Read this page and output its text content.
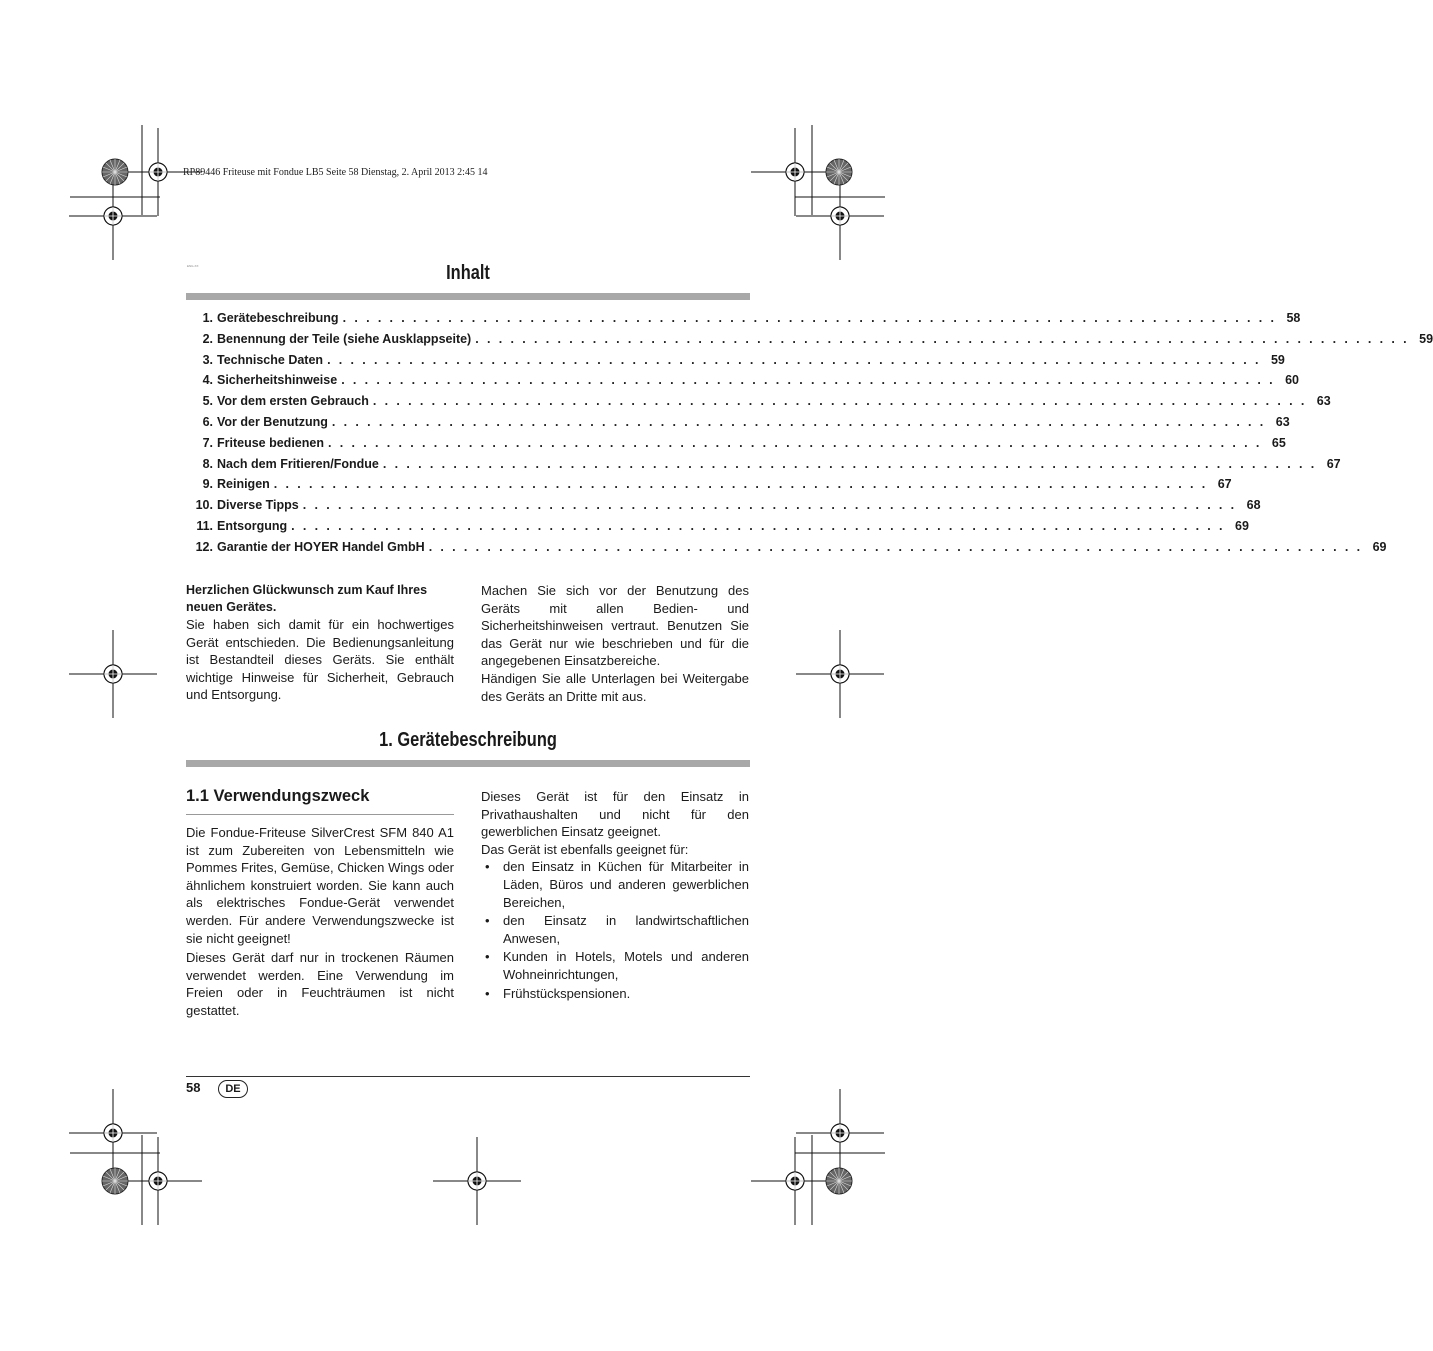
RP89446 Friteuse mit Fondue LB5 Seite 58 Dienstag, 2. April 2013 2:45 14
ENG-XX	Inhalt
1. Gerätebeschreibung . . . . . . . . . . . . . . . . . . . . . . . . . . . . . . . . . . . . . . . . . . . . . . . . . . . . . . . . . . . . . . . . . . . . . . . . . . . . . . . . 58
2. Benennung der Teile (siehe Ausklappseite) . . . . . . . . . . . . . . . . . . . . . . . . . . . . . . . . . . . . . . . . . . . . . . . . . . . . . . . . . . . . . . . . . . . . . . . . . . . . . . . . 59
3. Technische Daten . . . . . . . . . . . . . . . . . . . . . . . . . . . . . . . . . . . . . . . . . . . . . . . . . . . . . . . . . . . . . . . . . . . . . . . . . . . . . . . . 59
4. Sicherheitshinweise . . . . . . . . . . . . . . . . . . . . . . . . . . . . . . . . . . . . . . . . . . . . . . . . . . . . . . . . . . . . . . . . . . . . . . . . . . . . . . . . 60
5. Vor dem ersten Gebrauch . . . . . . . . . . . . . . . . . . . . . . . . . . . . . . . . . . . . . . . . . . . . . . . . . . . . . . . . . . . . . . . . . . . . . . . . . . . . . . . . 63
6. Vor der Benutzung . . . . . . . . . . . . . . . . . . . . . . . . . . . . . . . . . . . . . . . . . . . . . . . . . . . . . . . . . . . . . . . . . . . . . . . . . . . . . . . . 63
7. Friteuse bedienen . . . . . . . . . . . . . . . . . . . . . . . . . . . . . . . . . . . . . . . . . . . . . . . . . . . . . . . . . . . . . . . . . . . . . . . . . . . . . . . . 65
8. Nach dem Fritieren/Fondue . . . . . . . . . . . . . . . . . . . . . . . . . . . . . . . . . . . . . . . . . . . . . . . . . . . . . . . . . . . . . . . . . . . . . . . . . . . . . . . . 67
9. Reinigen . . . . . . . . . . . . . . . . . . . . . . . . . . . . . . . . . . . . . . . . . . . . . . . . . . . . . . . . . . . . . . . . . . . . . . . . . . . . . . . . 67
10. Diverse Tipps . . . . . . . . . . . . . . . . . . . . . . . . . . . . . . . . . . . . . . . . . . . . . . . . . . . . . . . . . . . . . . . . . . . . . . . . . . . . . . . . 68
11. Entsorgung . . . . . . . . . . . . . . . . . . . . . . . . . . . . . . . . . . . . . . . . . . . . . . . . . . . . . . . . . . . . . . . . . . . . . . . . . . . . . . . . 69
12. Garantie der HOYER Handel GmbH . . . . . . . . . . . . . . . . . . . . . . . . . . . . . . . . . . . . . . . . . . . . . . . . . . . . . . . . . . . . . . . . . . . . . . . . . . . . . . . . 69

Herzlichen Glückwunsch zum Kauf Ihres neuen Gerätes.

Sie haben sich damit für ein hochwertiges Gerät entschieden. Die Bedienungsanleitung ist Bestandteil dieses Geräts. Sie enthält wichtige Hinweise für Sicherheit, Gebrauch und Entsorgung.

Machen Sie sich vor der Benutzung des Geräts mit allen Bedien- und Sicherheitshinweisen vertraut. Benutzen Sie das Gerät nur wie beschrieben und für die angegebenen Einsatzbereiche.

Händigen Sie alle Unterlagen bei Weitergabe des Geräts an Dritte mit aus.

1. Gerätebeschreibung
1.1 Verwendungszweck

Die Fondue-Friteuse SilverCrest SFM 840 A1 ist zum Zubereiten von Lebensmitteln wie Pommes Frites, Gemüse, Chicken Wings oder ähnlichem konstruiert worden. Sie kann auch als elektrisches Fondue-Gerät verwendet werden. Für andere Verwendungszwecke ist sie nicht geeignet!

Dieses Gerät darf nur in trockenen Räumen verwendet werden. Eine Verwendung im Freien oder in Feuchträumen ist nicht gestattet.

Dieses Gerät ist für den Einsatz in Privathaushalten und nicht für den gewerblichen Einsatz geeignet.

Das Gerät ist ebenfalls geeignet für:

• den Einsatz in Küchen für Mitarbeiter in Läden, Büros und anderen gewerblichen Bereichen,
• den Einsatz in landwirtschaftlichen Anwesen,
• Kunden in Hotels, Motels und anderen Wohneinrichtungen,
• Frühstückspensionen.
58	DE
